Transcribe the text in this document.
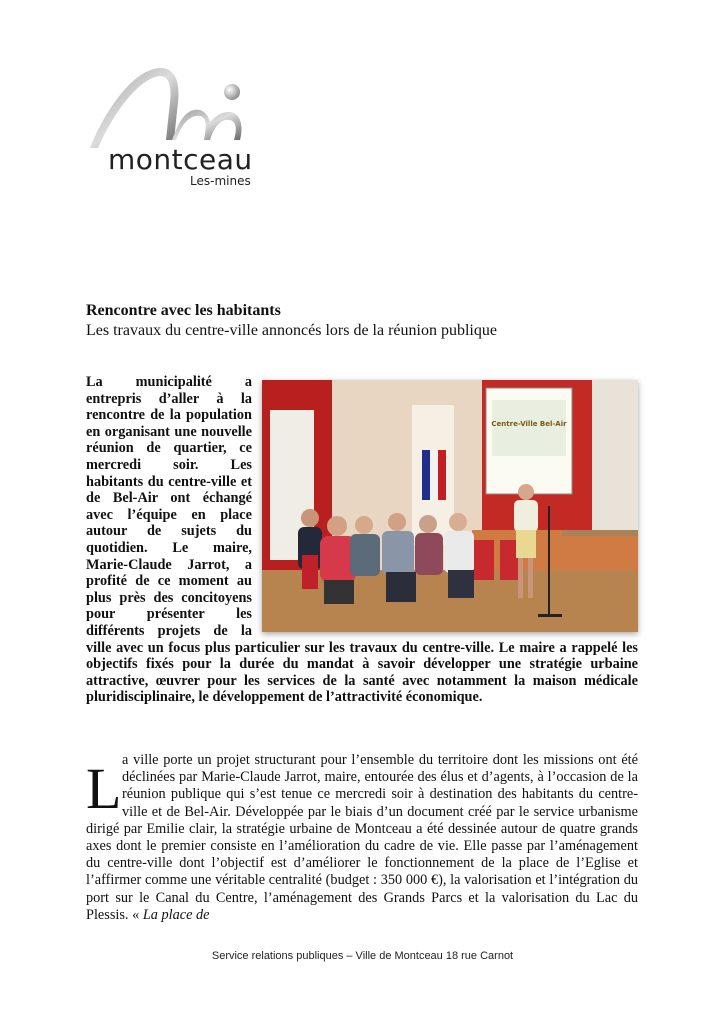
montceau
Les-mines
Rencontre avec les habitants
Les travaux du centre-ville annoncés lors de la réunion publique
Centre-Ville Bel-Air
La municipalité a entrepris d’aller à la rencontre de la population en organisant une nouvelle réunion de quartier, ce mercredi soir. Les habitants du centre-ville et de Bel-Air ont échangé avec l’équipe en place autour de sujets du quotidien. Le maire, Marie-Claude Jarrot, a profité de ce moment au plus près des concitoyens pour présenter les différents projets de la ville avec un focus plus particulier sur les travaux du centre-ville. Le maire a rappelé les objectifs fixés pour la durée du mandat à savoir développer une stratégie urbaine attractive, œuvrer pour les services de la santé avec notamment la maison médicale pluridisciplinaire, le développement de l’attractivité économique.
La ville porte un projet structurant pour l’ensemble du territoire dont les missions ont été déclinées par Marie-Claude Jarrot, maire, entourée des élus et d’agents, à l’occasion de la réunion publique qui s’est tenue ce mercredi soir à destination des habitants du centre-ville et de Bel-Air. Développée par le biais d’un document créé par le service urbanisme dirigé par Emilie clair, la stratégie urbaine de Montceau a été dessinée autour de quatre grands axes dont le premier consiste en l’amélioration du cadre de vie. Elle passe par l’aménagement du centre-ville dont l’objectif est d’améliorer le fonctionnement de la place de l’Eglise et l’affirmer comme une véritable centralité (budget : 350 000 €), la valorisation et l’intégration du port sur le Canal du Centre, l’aménagement des Grands Parcs et la valorisation du Lac du Plessis. « La place de
Service relations publiques – Ville de Montceau 18 rue Carnot
